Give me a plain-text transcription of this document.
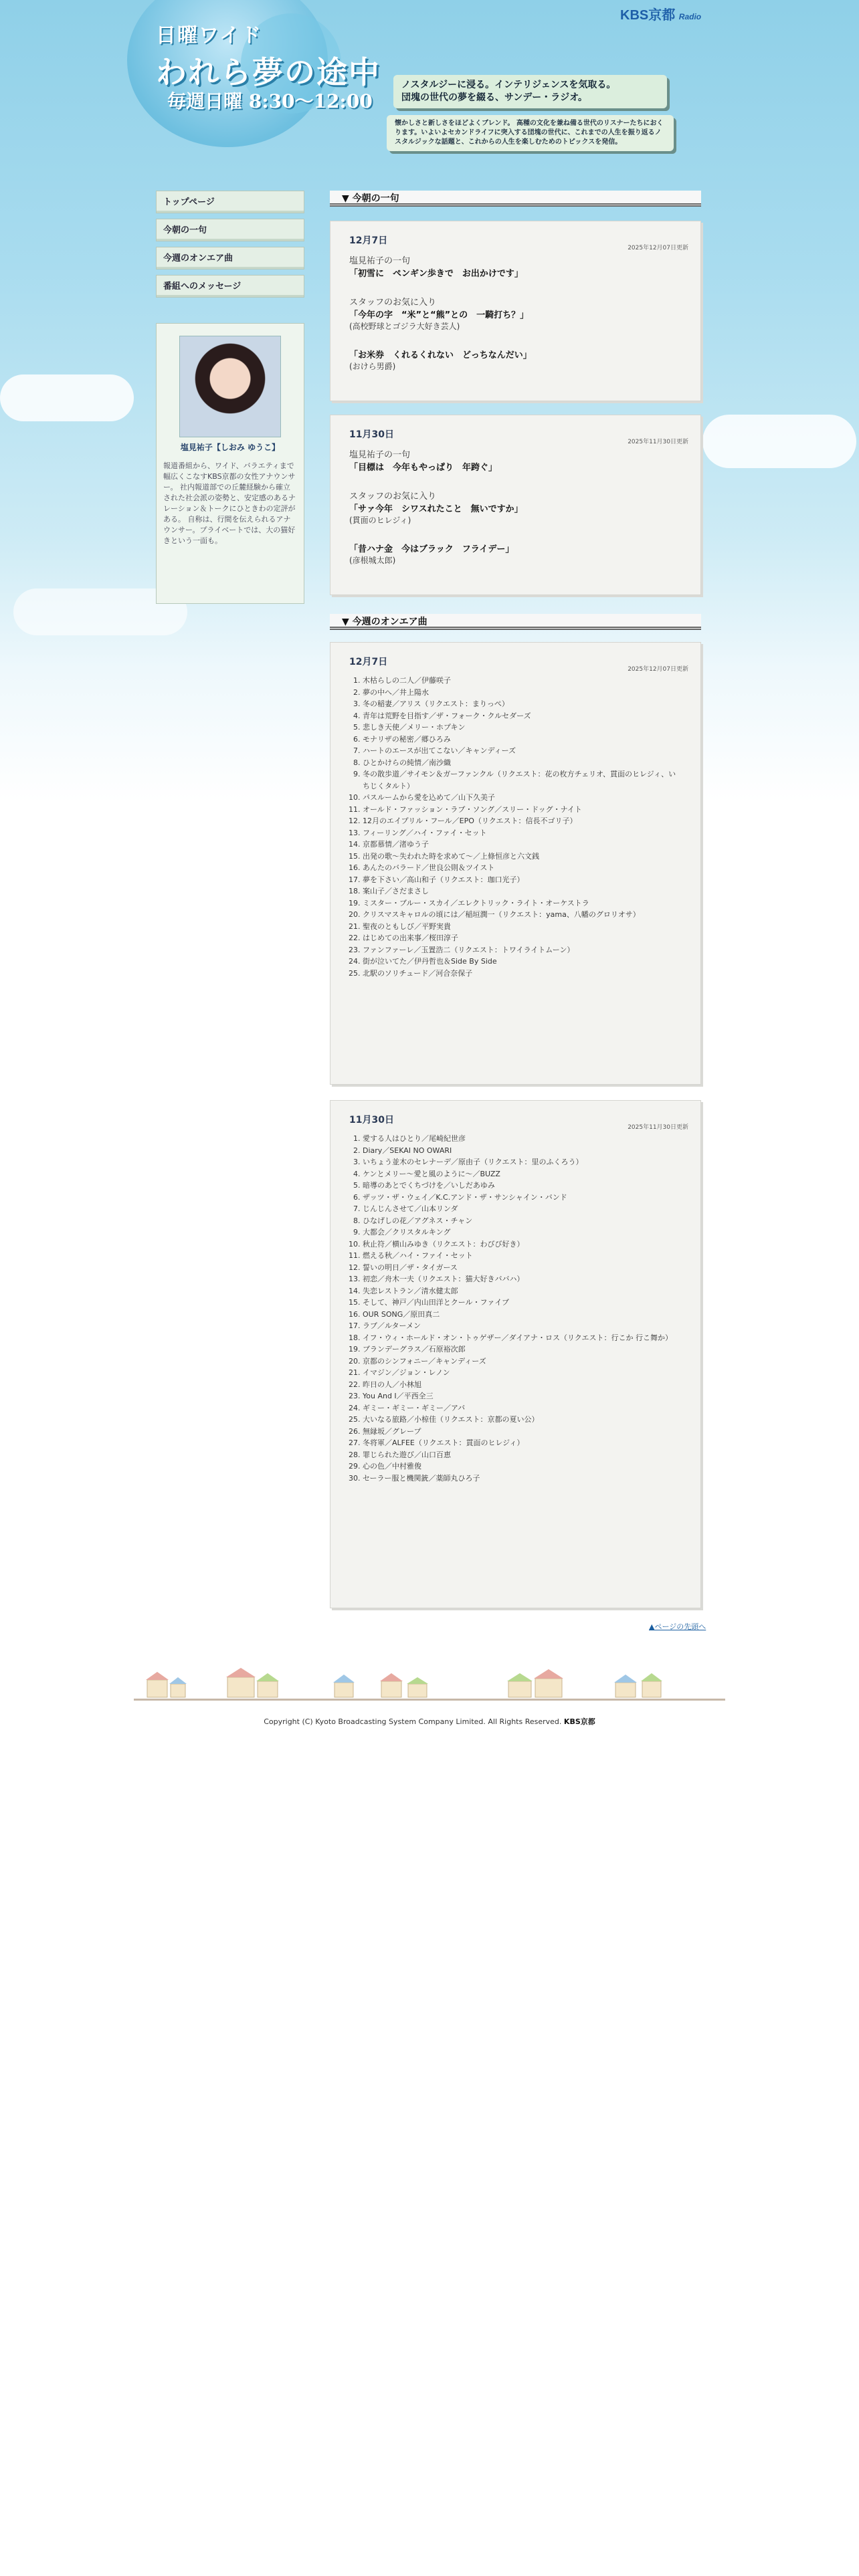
日曜ワイド
われら夢の途中
毎週日曜 8:30〜12:00
KBS京都 Radio
ノスタルジーに浸る。インテリジェンスを気取る。
団塊の世代の夢を綴る、サンデー・ラジオ。
懐かしさと新しさをほどよくブレンド。 高種の文化を兼ね備る世代のリスナーたちにおくります。いよいよセカンドライフに突入する団塊の世代に、これまでの人生を振り返るノスタルジックな話題と、これからの人生を楽しむためのトピックスを発信。
トップページ
今朝の一句
今週のオンエア曲
番組へのメッセージ
塩見祐子【しおみ ゆうこ】
報道番組から、ワイド、バラエティまで幅広くこなすKBS京都の女性アナウンサー。 社内報道部での丘麓経験から確立された社会派の姿勢と、安定感のあるナレーション＆トークにひときわの定評がある。 自称は、行間を伝えられるアナウンサー。プライベートでは、大の猫好きという一面も。
▼ 今朝の一句
12月7日
2025年12月07日更新
塩見祐子の一句
「初雪に　ペンギン歩きで　お出かけです」
スタッフのお気に入り
「今年の字　“米”と“熊”との　一騎打ち？」
(高校野球とゴジラ大好き芸人)
「お米券　くれるくれない　どっちなんだい」
(おけら男爵)
11月30日
2025年11月30日更新
塩見祐子の一句
「目標は　今年もやっぱり　年跨ぐ」
スタッフのお気に入り
「サァ今年　シワスれたこと　無いですか」
(貫面のヒレジィ)
「昔ハナ金　今はブラック　フライデー」
(彦根城太郎)
▼ 今週のオンエア曲
12月7日
2025年12月07日更新
1. 木枯らしの二人／伊藤咲子
2. 夢の中へ／井上陽水
3. 冬の稲妻／アリス（リクエスト：まりっぺ）
4. 青年は荒野を目指す／ザ・フォーク・クルセダーズ
5. 悲しき天使／メリー・ホプキン
6. モナリザの秘密／郷ひろみ
7. ハートのエースが出てこない／キャンディーズ
8. ひとかけらの純情／南沙織
9. 冬の散歩道／サイモン＆ガーファンクル（リクエスト：花の枚方チェリオ、貫面のヒレジィ、いちじくタルト）
10. パスルームから愛を込めて／山下久美子
11. オールド・ファッション・ラブ・ソング／スリー・ドッグ・ナイト
12. 12月のエイプリル・フール／EPO（リクエスト：信長不ゴリ子）
13. フィーリング／ハイ・ファイ・セット
14. 京都慕情／渚ゆう子
15. 出発の歌〜失われた時を求めて〜／上條恒彦と六文銭
16. あんたのバラード／世良公則＆ツイスト
17. 夢を下さい／高山和子（リクエスト：珈口光子）
18. 案山子／さだまさし
19. ミスター・ブルー・スカイ／エレクトリック・ライト・オーケストラ
20. クリスマスキャロルの頃には／稲垣潤一（リクエスト：yama、八幡のグロリオサ）
21. 聖夜のともしび／平野実貴
22. はじめての出来事／桜田淳子
23. ファンファーレ／玉置浩二（リクエスト：トワイライトムーン）
24. 街が泣いてた／伊丹哲也＆Side By Side
25. 北駅のソリチュード／河合奈保子
11月30日
2025年11月30日更新
1. 愛する人はひとり／尾崎紀世彦
2. Diary／SEKAI NO OWARI
3. いちょう並木のセレナーデ／原由子（リクエスト：里のふくろう）
4. ケンとメリー〜愛と風のように〜／BUZZ
5. 暗導のあとでくちづけを／いしだあゆみ
6. ザッツ・ザ・ウェイ／K.C.アンド・ザ・サンシャイン・バンド
7. じんじんさせて／山本リンダ
8. ひなげしの花／アグネス・チャン
9. 大都会／クリスタルキング
10. 秋止符／横山みゆき（リクエスト：わびび好き）
11. 燃える秋／ハイ・ファイ・セット
12. 誓いの明日／ザ・タイガース
13. 初恋／舟木一夫（リクエスト：猫大好きババハ）
14. 失恋レストラン／清水健太郎
15. そして、神戸／内山田洋とクール・ファイブ
16. OUR SONG／原田真二
17. ラブ／ルターメン
18. イフ・ウィ・ホールド・オン・トゥゲザー／ダイアナ・ロス（リクエスト：行こか 行こ舞か）
19. ブランデーグラス／石原裕次郎
20. 京都のシンフォニー／キャンディーズ
21. イマジン／ジョン・レノン
22. 昨日の人／小林旭
23. You And I／平西全三
24. ギミー・ギミー・ギミー／アバ
25. 大いなる旅路／小椋佳（リクエスト：京都の夏い公）
26. 無縁坂／グレープ
27. 冬将軍／ALFEE（リクエスト：貫面のヒレジィ）
28. 罪じられた遊び／山口百恵
29. 心の色／中村雅俊
30. セーラー服と機関銃／薬師丸ひろ子
▲ページの先頭へ
Copyright (C) Kyoto Broadcasting System Company Limited. All Rights Reserved. KBS京都
